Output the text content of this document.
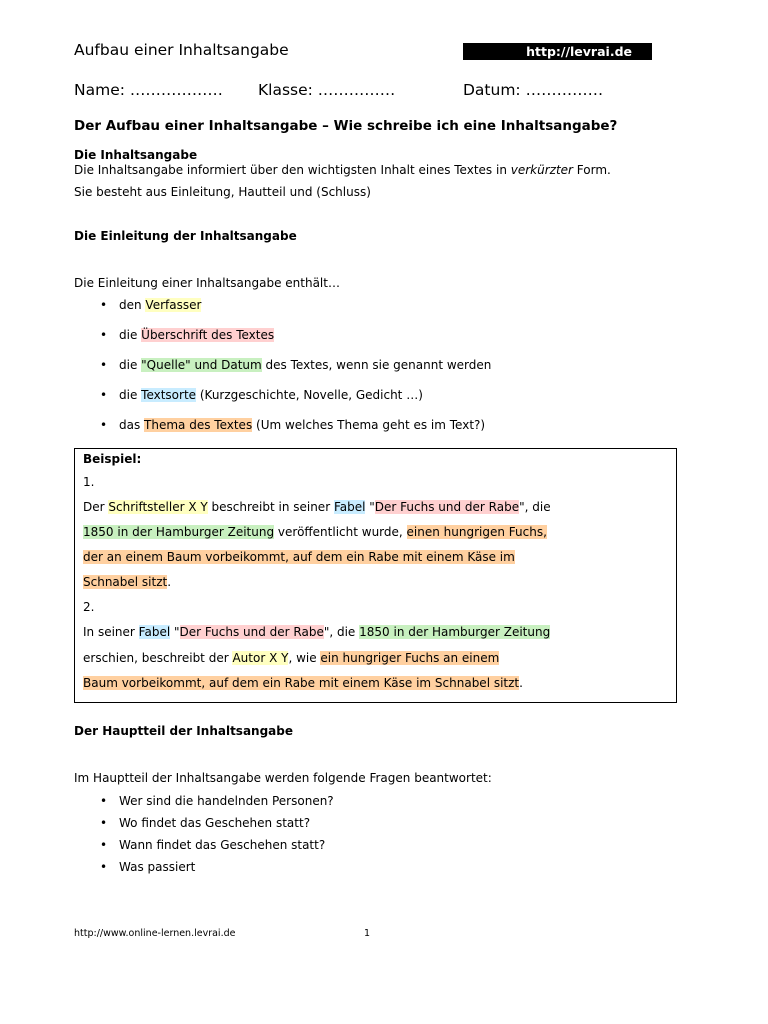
Aufbau einer Inhaltsangabe	http://levrai.de
Name: ……………… Klasse: ……………	Datum: ……………
Der Aufbau einer Inhaltsangabe – Wie schreibe ich eine Inhaltsangabe?
Die Inhaltsangabe
Die Inhaltsangabe informiert über den wichtigsten Inhalt eines Textes in verkürzter Form.
Sie besteht aus Einleitung, Hautteil und (Schluss)
Die Einleitung der Inhaltsangabe
Die Einleitung einer Inhaltsangabe enthält…
• den Verfasser
• die Überschrift des Textes
• die "Quelle" und Datum des Textes, wenn sie genannt werden
• die Textsorte (Kurzgeschichte, Novelle, Gedicht …)
• das Thema des Textes (Um welches Thema geht es im Text?)
Beispiel:
1.
Der Schriftsteller X Y beschreibt in seiner Fabel "Der Fuchs und der Rabe", die
1850 in der Hamburger Zeitung veröffentlicht wurde, einen hungrigen Fuchs,
der an einem Baum vorbeikommt, auf dem ein Rabe mit einem Käse im
Schnabel sitzt.
2.
In seiner Fabel "Der Fuchs und der Rabe", die 1850 in der Hamburger Zeitung
erschien, beschreibt der Autor X Y, wie ein hungriger Fuchs an einem
Baum vorbeikommt, auf dem ein Rabe mit einem Käse im Schnabel sitzt.
Der Hauptteil der Inhaltsangabe
Im Hauptteil der Inhaltsangabe werden folgende Fragen beantwortet:
• Wer sind die handelnden Personen?
• Wo findet das Geschehen statt?
• Wann findet das Geschehen statt?
• Was passiert
http://www.online-lernen.levrai.de	1
